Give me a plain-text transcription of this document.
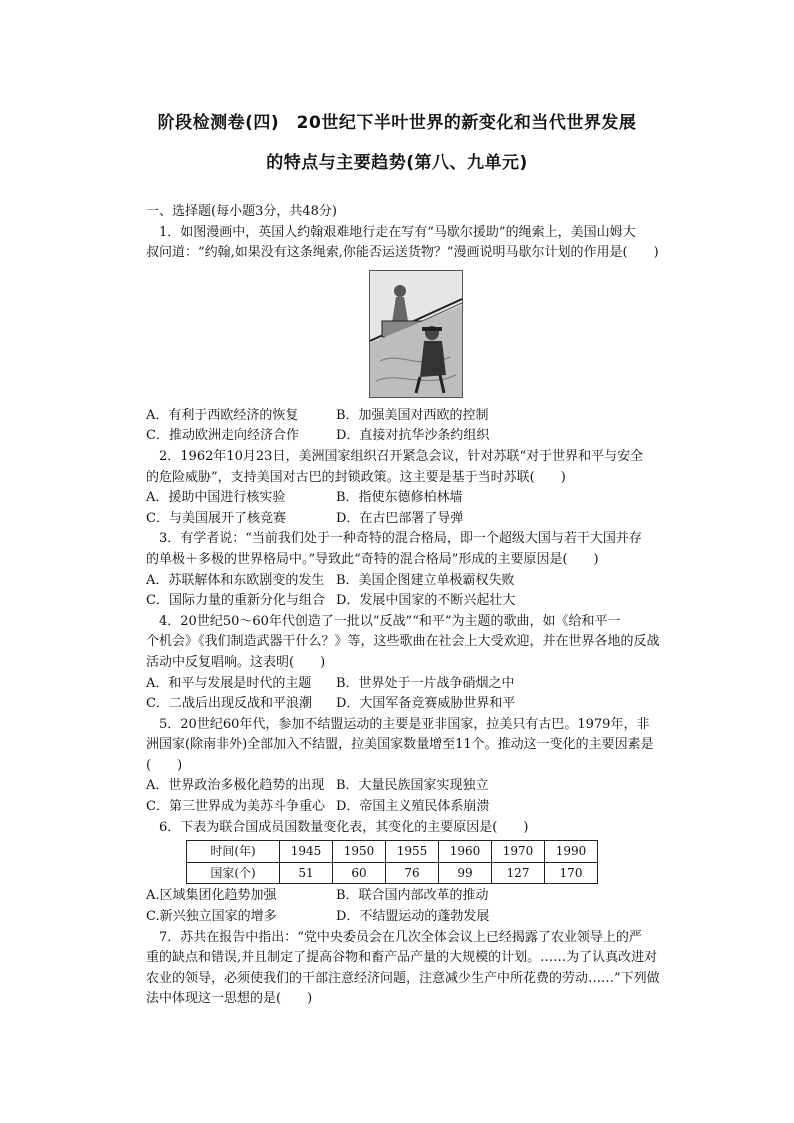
阶段检测卷(四)　20世纪下半叶世界的新变化和当代世界发展
的特点与主要趋势(第八、九单元)

一、选择题(每小题3分，共48分)

1．如图漫画中，英国人约翰艰难地行走在写有“马歇尔援助”的绳索上，美国山姆大

叔问道：“约翰,如果没有这条绳索,你能否运送货物？”漫画说明马歇尔计划的作用是(　　)

A．有利于西欧经济的恢复	B．加强美国对西欧的控制
C．推动欧洲走向经济合作	D．直接对抗华沙条约组织

2．1962年10月23日，美洲国家组织召开紧急会议，针对苏联“对于世界和平与安全

的危险威胁”，支持美国对古巴的封锁政策。这主要是基于当时苏联(　　)

A．援助中国进行核实验	B．指使东德修柏林墙
C．与美国展开了核竞赛	D．在古巴部署了导弹

3．有学者说：“当前我们处于一种奇特的混合格局，即一个超级大国与若干大国并存

的单极＋多极的世界格局中。”导致此“奇特的混合格局”形成的主要原因是(　　)

A．苏联解体和东欧剧变的发生 B．美国企图建立单极霸权失败
C．国际力量的重新分化与组合 D．发展中国家的不断兴起壮大

4．20世纪50～60年代创造了一批以“反战”“和平”为主题的歌曲，如《给和平一

个机会》《我们制造武器干什么？》等，这些歌曲在社会上大受欢迎，并在世界各地的反战

活动中反复唱响。这表明(　　)

A．和平与发展是时代的主题	B．世界处于一片战争硝烟之中
C．二战后出现反战和平浪潮	D．大国军备竞赛威胁世界和平

5．20世纪60年代，参加不结盟运动的主要是亚非国家，拉美只有古巴。1979年，非

洲国家(除南非外)全部加入不结盟，拉美国家数量增至11个。推动这一变化的主要因素是

(　　)

A．世界政治多极化趋势的出现 B．大量民族国家实现独立
C．第三世界成为美苏斗争重心 D．帝国主义殖民体系崩溃

6．下表为联合国成员国数量变化表，其变化的主要原因是(　　)

时间(年)	1945	1950	1955	1960	1970	1990
国家(个)	51	60	76	99	127	170
A.区域集团化趋势加强	B．联合国内部改革的推动
C.新兴独立国家的增多	D．不结盟运动的蓬勃发展

7．苏共在报告中指出：“党中央委员会在几次全体会议上已经揭露了农业领导上的严

重的缺点和错误,并且制定了提高谷物和畜产品产量的大规模的计划。……为了认真改进对

农业的领导，必须使我们的干部注意经济问题，注意减少生产中所花费的劳动……”下列做

法中体现这一思想的是(　　)
